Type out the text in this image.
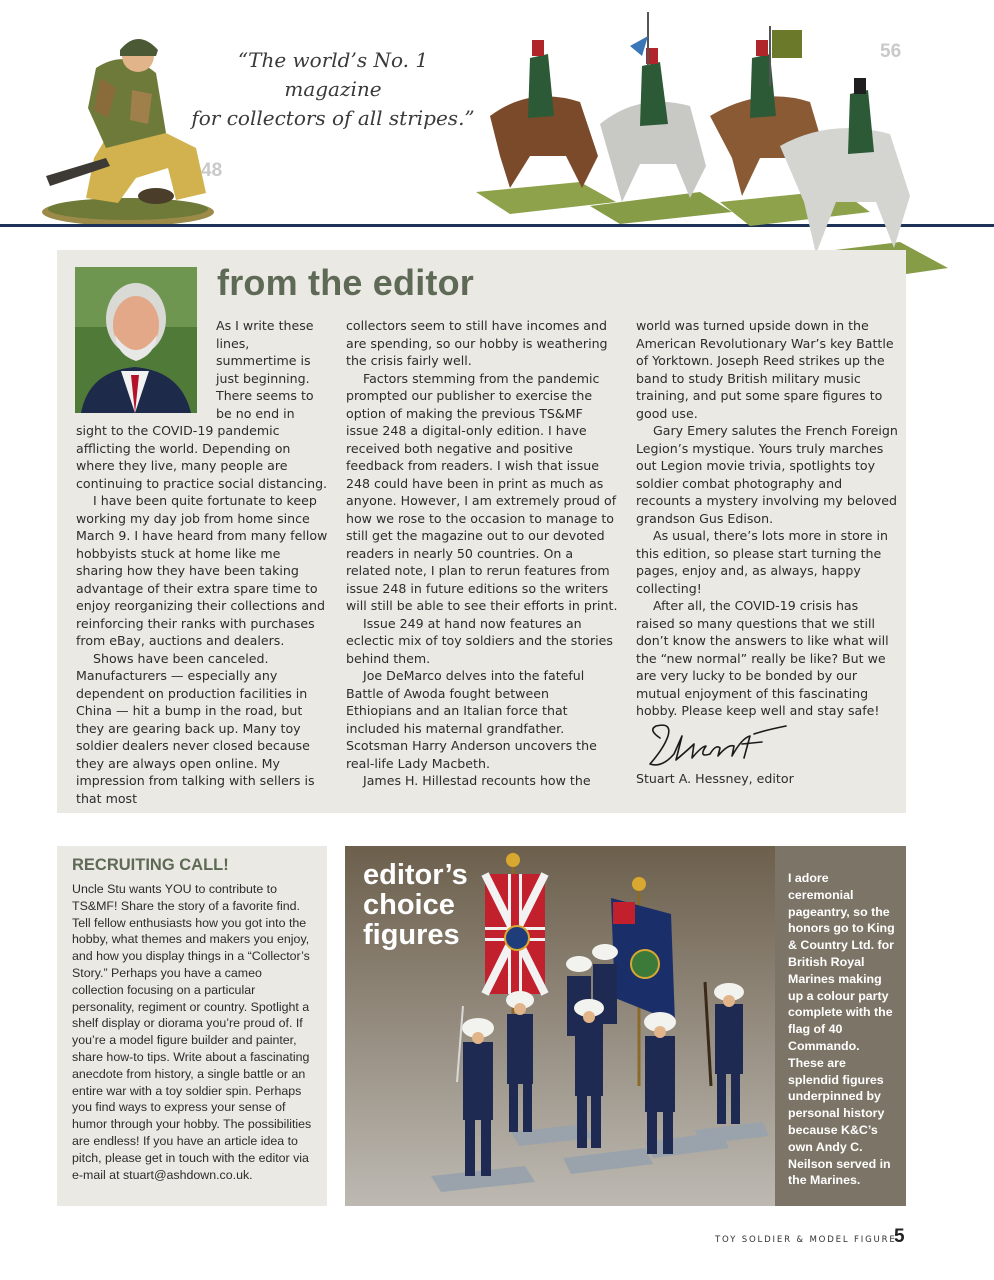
“The world’s No. 1 magazine
for collectors of all stripes.”
48
56
from the editor

As I write these lines, summertime is just beginning. There seems to be no end in sight to the COVID-19 pandemic afflicting the world. Depending on where they live, many people are continuing to practice social distancing.

I have been quite fortunate to keep working my day job from home since March 9. I have heard from many fellow hobbyists stuck at home like me sharing how they have been taking advantage of their extra spare time to enjoy reorganizing their collections and reinforcing their ranks with purchases from eBay, auctions and dealers.

Shows have been canceled. Manufacturers — especially any dependent on production facilities in China — hit a bump in the road, but they are gearing back up. Many toy soldier dealers never closed because they are always open online. My impression from talking with sellers is that most

collectors seem to still have incomes and are spending, so our hobby is weathering the crisis fairly well.

Factors stemming from the pandemic prompted our publisher to exercise the option of making the previous TS&MF issue 248 a digital-only edition. I have received both negative and positive feedback from readers. I wish that issue 248 could have been in print as much as anyone. However, I am extremely proud of how we rose to the occasion to manage to still get the magazine out to our devoted readers in nearly 50 countries. On a related note, I plan to rerun features from issue 248 in future editions so the writers will still be able to see their efforts in print.

Issue 249 at hand now features an eclectic mix of toy soldiers and the stories behind them.

Joe DeMarco delves into the fateful Battle of Awoda fought between Ethiopians and an Italian force that included his maternal grandfather. Scotsman Harry Anderson uncovers the real-life Lady Macbeth.

James H. Hillestad recounts how the

world was turned upside down in the American Revolutionary War’s key Battle of Yorktown. Joseph Reed strikes up the band to study British military music training, and put some spare figures to good use.

Gary Emery salutes the French Foreign Legion’s mystique. Yours truly marches out Legion movie trivia, spotlights toy soldier combat photography and recounts a mystery involving my beloved grandson Gus Edison.

As usual, there’s lots more in store in this edition, so please start turning the pages, enjoy and, as always, happy collecting!

After all, the COVID-19 crisis has raised so many questions that we still don’t know the answers to like what will the “new normal” really be like? But we are very lucky to be bonded by our mutual enjoyment of this fascinating hobby. Please keep well and stay safe!

Stuart A. Hessney, editor

RECRUITING CALL!
Uncle Stu wants YOU to contribute to TS&MF! Share the story of a favorite find. Tell fellow enthusiasts how you got into the hobby, what themes and makers you enjoy, and how you display things in a “Collector’s Story.” Perhaps you have a cameo collection focusing on a particular personality, regiment or country. Spotlight a shelf display or diorama you’re proud of. If you’re a model figure builder and painter, share how-to tips. Write about a fascinating anecdote from history, a single battle or an entire war with a toy soldier spin. Perhaps you find ways to express your sense of humor through your hobby. The possibilities are endless! If you have an article idea to pitch, please get in touch with the editor via e-mail at stuart@ashdown.co.uk.
editor’s
choice
figures
I adore ceremonial pageantry, so the honors go to King & Country Ltd. for British Royal Marines making up a colour party complete with the flag of 40 Commando. These are splendid figures underpinned by personal history because K&C’s own Andy C. Neilson served in the Marines.
TOY SOLDIER & MODEL FIGURE
5
